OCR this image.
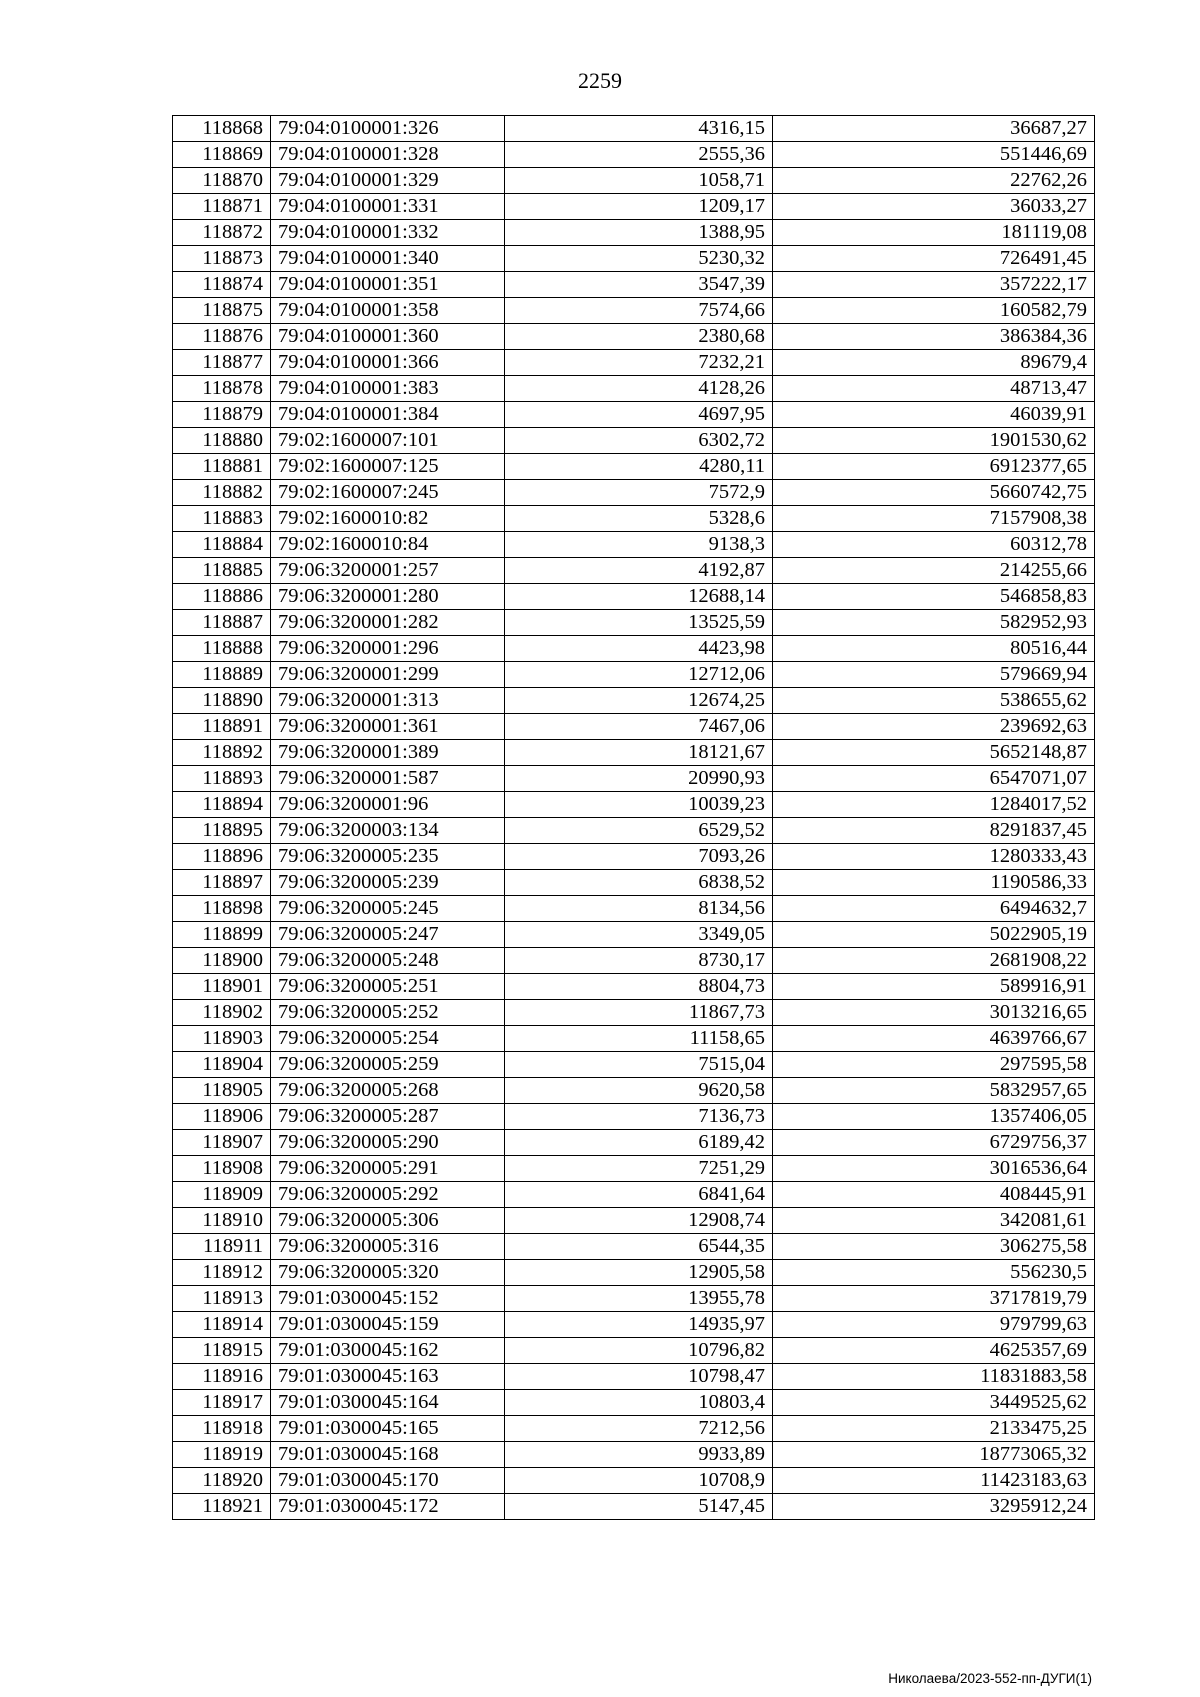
2259
118868	79:04:0100001:326	4316,15	36687,27
118869	79:04:0100001:328	2555,36	551446,69
118870	79:04:0100001:329	1058,71	22762,26
118871	79:04:0100001:331	1209,17	36033,27
118872	79:04:0100001:332	1388,95	181119,08
118873	79:04:0100001:340	5230,32	726491,45
118874	79:04:0100001:351	3547,39	357222,17
118875	79:04:0100001:358	7574,66	160582,79
118876	79:04:0100001:360	2380,68	386384,36
118877	79:04:0100001:366	7232,21	89679,4
118878	79:04:0100001:383	4128,26	48713,47
118879	79:04:0100001:384	4697,95	46039,91
118880	79:02:1600007:101	6302,72	1901530,62
118881	79:02:1600007:125	4280,11	6912377,65
118882	79:02:1600007:245	7572,9	5660742,75
118883	79:02:1600010:82	5328,6	7157908,38
118884	79:02:1600010:84	9138,3	60312,78
118885	79:06:3200001:257	4192,87	214255,66
118886	79:06:3200001:280	12688,14	546858,83
118887	79:06:3200001:282	13525,59	582952,93
118888	79:06:3200001:296	4423,98	80516,44
118889	79:06:3200001:299	12712,06	579669,94
118890	79:06:3200001:313	12674,25	538655,62
118891	79:06:3200001:361	7467,06	239692,63
118892	79:06:3200001:389	18121,67	5652148,87
118893	79:06:3200001:587	20990,93	6547071,07
118894	79:06:3200001:96	10039,23	1284017,52
118895	79:06:3200003:134	6529,52	8291837,45
118896	79:06:3200005:235	7093,26	1280333,43
118897	79:06:3200005:239	6838,52	1190586,33
118898	79:06:3200005:245	8134,56	6494632,7
118899	79:06:3200005:247	3349,05	5022905,19
118900	79:06:3200005:248	8730,17	2681908,22
118901	79:06:3200005:251	8804,73	589916,91
118902	79:06:3200005:252	11867,73	3013216,65
118903	79:06:3200005:254	11158,65	4639766,67
118904	79:06:3200005:259	7515,04	297595,58
118905	79:06:3200005:268	9620,58	5832957,65
118906	79:06:3200005:287	7136,73	1357406,05
118907	79:06:3200005:290	6189,42	6729756,37
118908	79:06:3200005:291	7251,29	3016536,64
118909	79:06:3200005:292	6841,64	408445,91
118910	79:06:3200005:306	12908,74	342081,61
118911	79:06:3200005:316	6544,35	306275,58
118912	79:06:3200005:320	12905,58	556230,5
118913	79:01:0300045:152	13955,78	3717819,79
118914	79:01:0300045:159	14935,97	979799,63
118915	79:01:0300045:162	10796,82	4625357,69
118916	79:01:0300045:163	10798,47	11831883,58
118917	79:01:0300045:164	10803,4	3449525,62
118918	79:01:0300045:165	7212,56	2133475,25
118919	79:01:0300045:168	9933,89	18773065,32
118920	79:01:0300045:170	10708,9	11423183,63
118921	79:01:0300045:172	5147,45	3295912,24
Николаева/2023-552-пп-ДУГИ(1)
